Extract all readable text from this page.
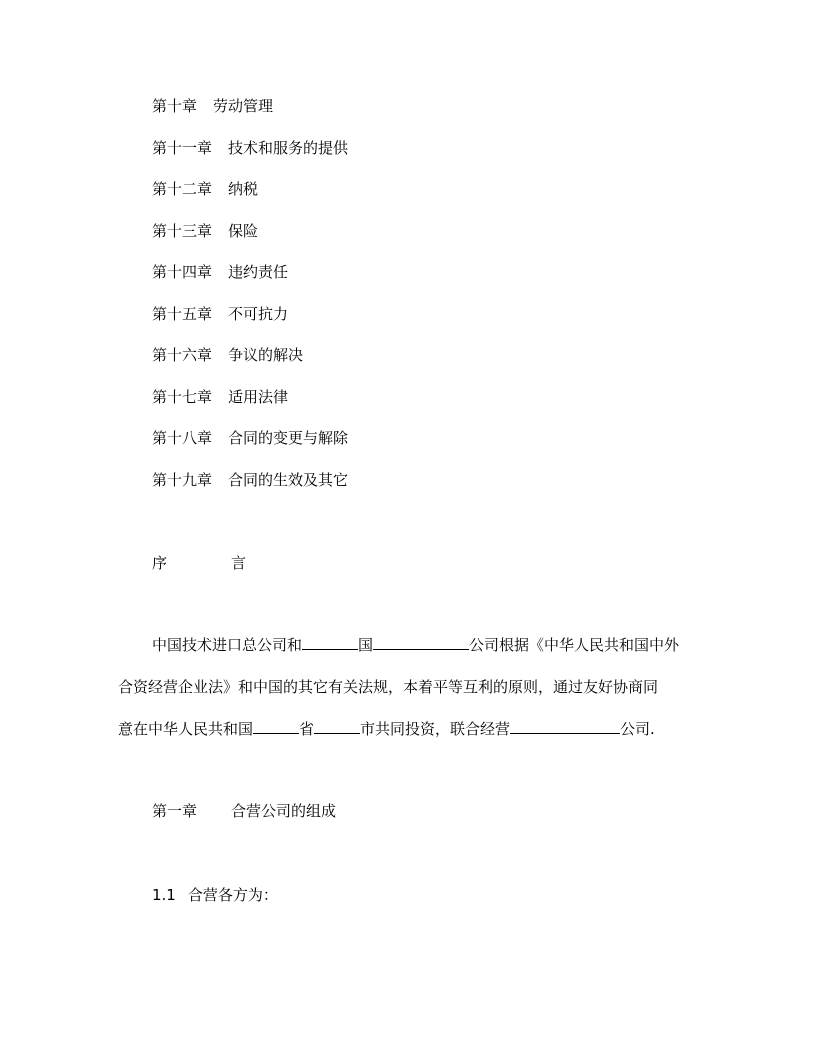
第十章 劳动管理
第十一章 技术和服务的提供
第十二章 纳税
第十三章 保险
第十四章 违约责任
第十五章 不可抗力
第十六章 争议的解决
第十七章 适用法律
第十八章 合同的变更与解除
第十九章 合同的生效及其它
序	言
中国技术进口总公司和	国	公司根据《中华人民共和国中外
合资经营企业法》和中国的其它有关法规，本着平等互利的原则，通过友好协商同
意在中华人民共和国	省	市共同投资，联合经营	公司.
第一章 合营公司的组成
1.1 合营各方为：
